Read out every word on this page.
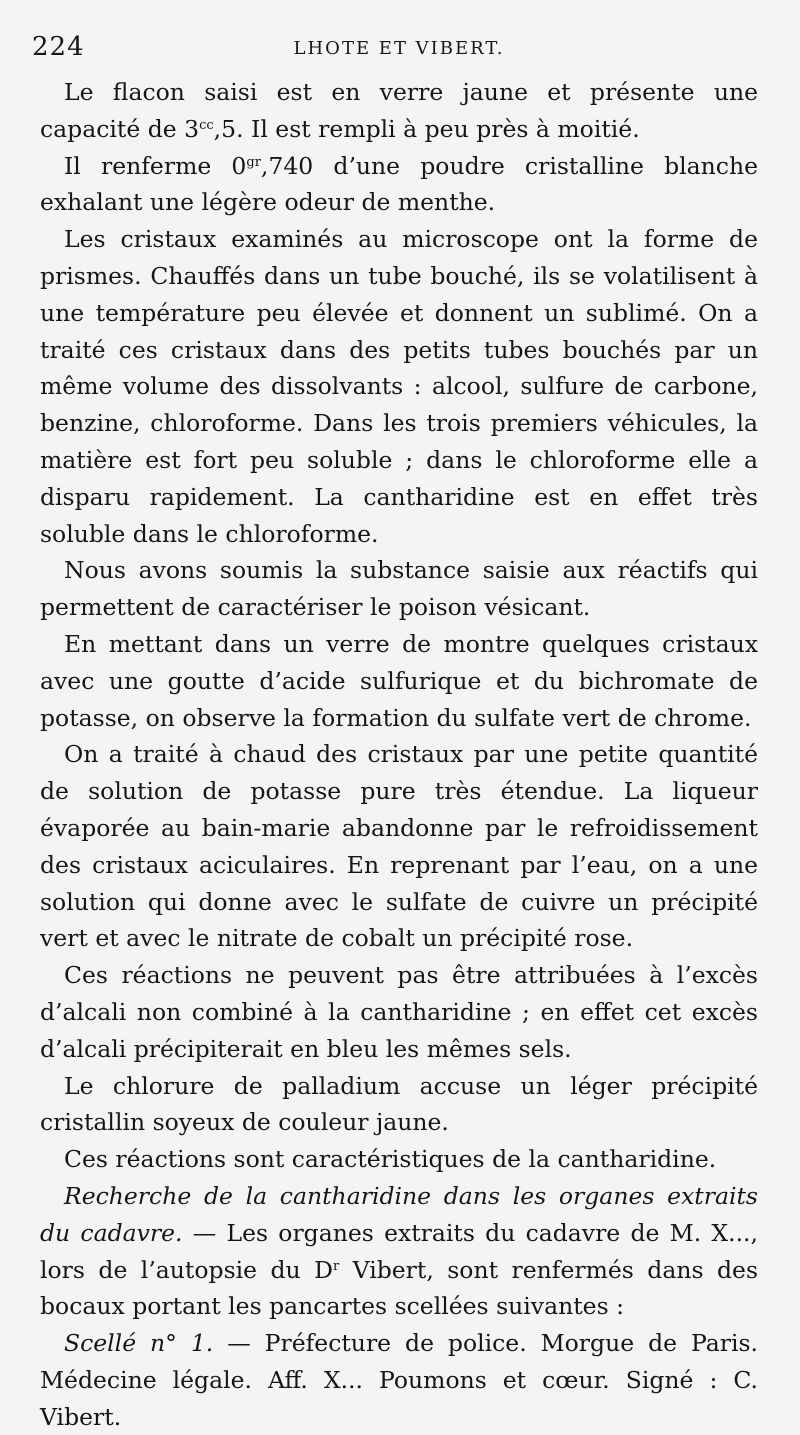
224	LHOTE ET VIBERT.

Le flacon saisi est en verre jaune et présente une capacité de $3^{cc},5$. Il est rempli à peu près à moitié.

Il renferme $0^{gr},740$ d’une poudre cristalline blanche exhalant une légère odeur de menthe.

Les cristaux examinés au microscope ont la forme de prismes. Chauffés dans un tube bouché, ils se volatilisent à une température peu élevée et donnent un sublimé. On a traité ces cristaux dans des petits tubes bouchés par un même volume des dissolvants : alcool, sulfure de carbone, benzine, chloroforme. Dans les trois premiers véhicules, la matière est fort peu soluble ; dans le chloroforme elle a disparu rapidement. La cantharidine est en effet très soluble dans le chloroforme.

Nous avons soumis la substance saisie aux réactifs qui permettent de caractériser le poison vésicant.

En mettant dans un verre de montre quelques cristaux avec une goutte d’acide sulfurique et du bichromate de potasse, on observe la formation du sulfate vert de chrome.

On a traité à chaud des cristaux par une petite quantité de solution de potasse pure très étendue. La liqueur évaporée au bain-marie abandonne par le refroidissement des cristaux aciculaires. En reprenant par l’eau, on a une solution qui donne avec le sulfate de cuivre un précipité vert et avec le nitrate de cobalt un précipité rose.

Ces réactions ne peuvent pas être attribuées à l’excès d’alcali non combiné à la cantharidine ; en effet cet excès d’alcali précipiterait en bleu les mêmes sels.

Le chlorure de palladium accuse un léger précipité cristallin soyeux de couleur jaune.

Ces réactions sont caractéristiques de la cantharidine.

Recherche de la cantharidine dans les organes extraits du cadavre. — Les organes extraits du cadavre de M. X..., lors de l’autopsie du $D^r$ Vibert, sont renfermés dans des bocaux portant les pancartes scellées suivantes :

Scellé n° 1. — Préfecture de police. Morgue de Paris. Médecine légale. Aff. X... Poumons et cœur. Signé : C. Vibert.
